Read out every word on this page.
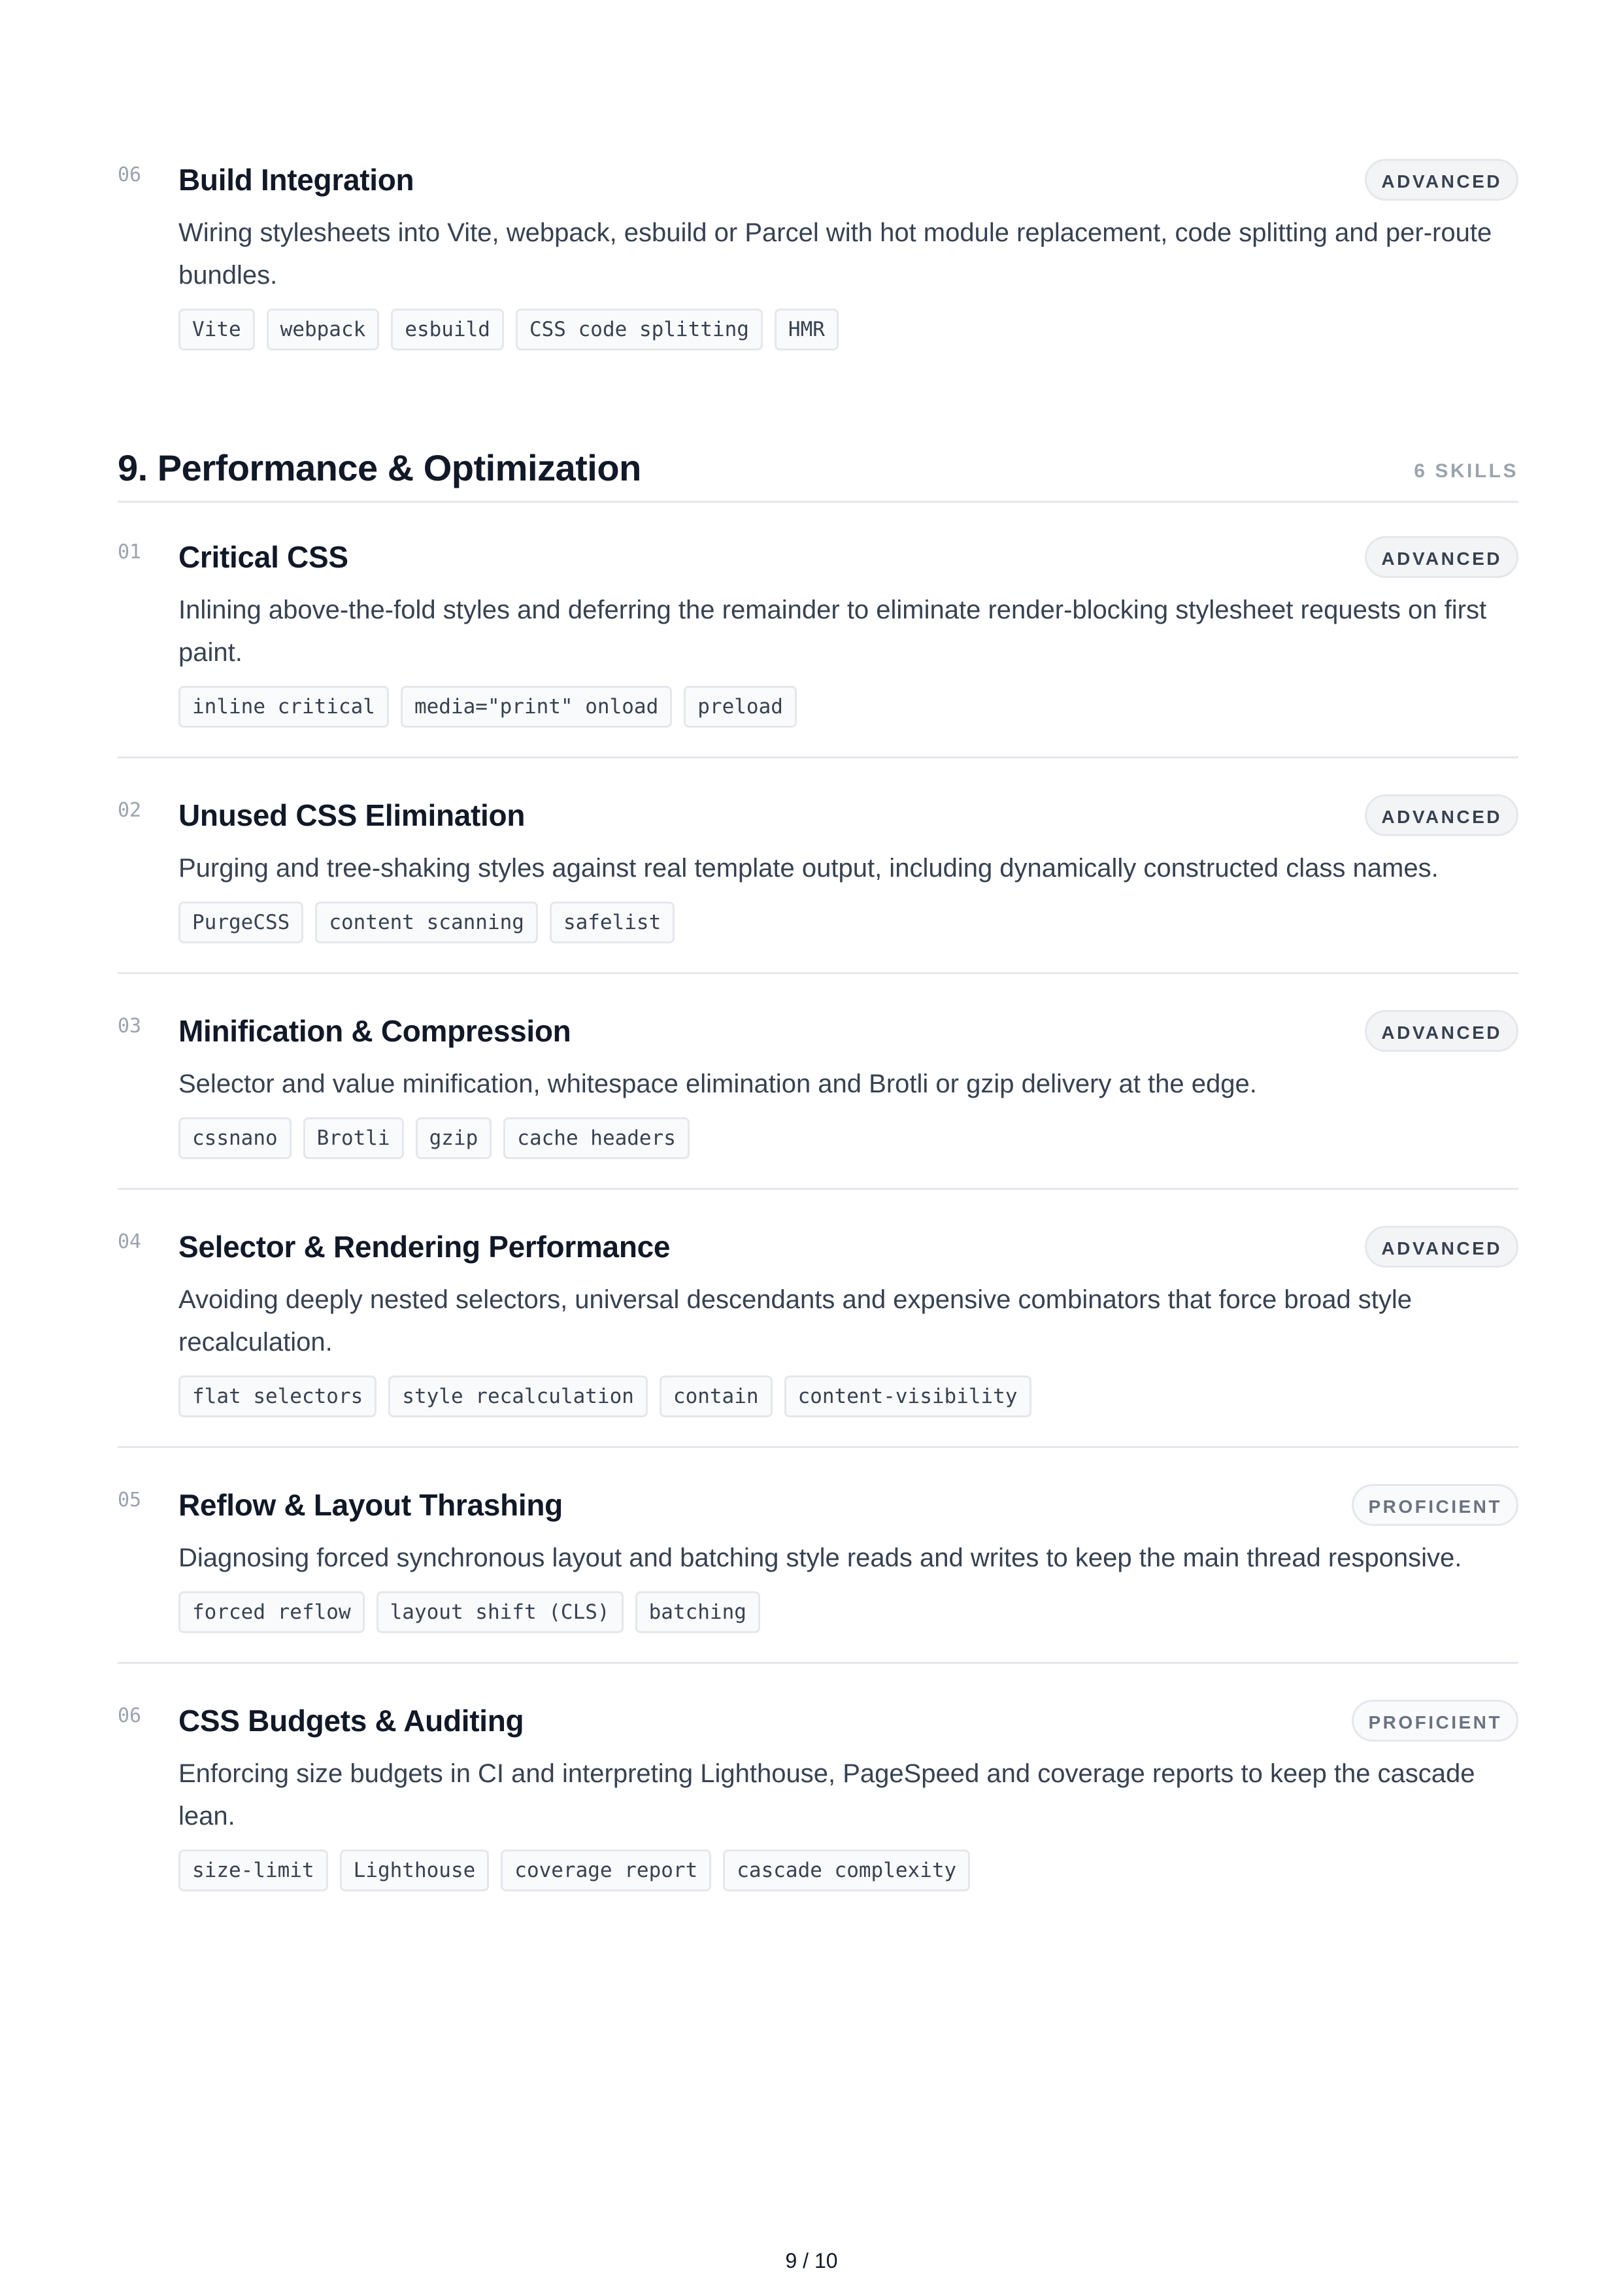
06 Build Integration	ADVANCED
Wiring stylesheets into Vite, webpack, esbuild or Parcel with hot module replacement, code splitting and per-route bundles.
Vite	webpack	esbuild	CSS code splitting	HMR
9. Performance & Optimization	6 SKILLS
01 Critical CSS	ADVANCED
Inlining above-the-fold styles and deferring the remainder to eliminate render-blocking stylesheet requests on first paint.
inline critical	media="print" onload	preload
02 Unused CSS Elimination	ADVANCED
Purging and tree-shaking styles against real template output, including dynamically constructed class names.
PurgeCSS	content scanning	safelist
03 Minification & Compression	ADVANCED
Selector and value minification, whitespace elimination and Brotli or gzip delivery at the edge.
cssnano	Brotli	gzip	cache headers
04 Selector & Rendering Performance	ADVANCED
Avoiding deeply nested selectors, universal descendants and expensive combinators that force broad style recalculation.
flat selectors	style recalculation	contain	content-visibility
05 Reflow & Layout Thrashing	PROFICIENT
Diagnosing forced synchronous layout and batching style reads and writes to keep the main thread responsive.
forced reflow	layout shift (CLS)	batching
06 CSS Budgets & Auditing	PROFICIENT
Enforcing size budgets in CI and interpreting Lighthouse, PageSpeed and coverage reports to keep the cascade lean.
size-limit	Lighthouse	coverage report	cascade complexity
9 / 10
